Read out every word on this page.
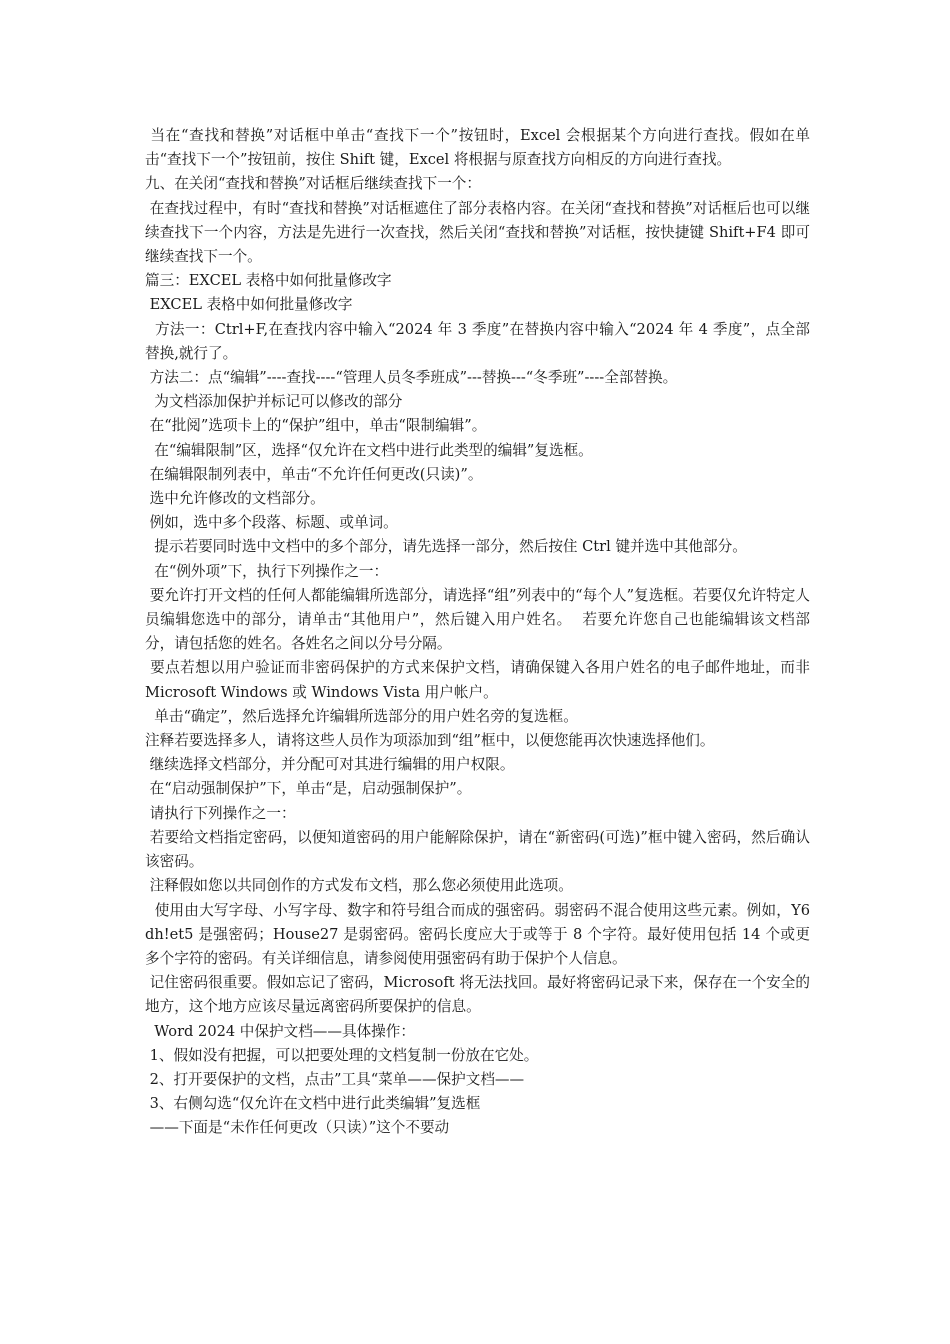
当在“查找和替换”对话框中单击“查找下一个”按钮时，Excel 会根据某个方向进行查找。假如在单击“查找下一个”按钮前，按住 Shift 键，Excel 将根据与原查找方向相反的方向进行查找。

九、在关闭“查找和替换”对话框后继续查找下一个：

在查找过程中，有时“查找和替换”对话框遮住了部分表格内容。在关闭“查找和替换”对话框后也可以继续查找下一个内容，方法是先进行一次查找，然后关闭“查找和替换”对话框，按快捷键 Shift+F4 即可继续查找下一个。

篇三：EXCEL 表格中如何批量修改字

EXCEL 表格中如何批量修改字

方法一：Ctrl+F,在查找内容中输入“2024 年 3 季度”在替换内容中输入“2024 年 4 季度”，点全部替换,就行了。

方法二：点“编辑”----查找----“管理人员冬季班成”---替换---“冬季班”----全部替换。

为文档添加保护并标记可以修改的部分

在“批阅”选项卡上的“保护”组中，单击“限制编辑”。

在“编辑限制”区，选择“仅允许在文档中进行此类型的编辑”复选框。

在编辑限制列表中，单击“不允许任何更改(只读)”。

选中允许修改的文档部分。

例如，选中多个段落、标题、或单词。

提示若要同时选中文档中的多个部分，请先选择一部分，然后按住 Ctrl 键并选中其他部分。

在“例外项”下，执行下列操作之一：

要允许打开文档的任何人都能编辑所选部分，请选择“组”列表中的“每个人”复选框。若要仅允许特定人员编辑您选中的部分，请单击“其他用户”，然后键入用户姓名。  若要允许您自己也能编辑该文档部分，请包括您的姓名。各姓名之间以分号分隔。

要点若想以用户验证而非密码保护的方式来保护文档，请确保键入各用户姓名的电子邮件地址，而非 Microsoft Windows 或 Windows Vista 用户帐户。

单击“确定”，然后选择允许编辑所选部分的用户姓名旁的复选框。

注释若要选择多人，请将这些人员作为项添加到“组”框中，以便您能再次快速选择他们。

继续选择文档部分，并分配可对其进行编辑的用户权限。

在“启动强制保护”下，单击“是，启动强制保护”。

请执行下列操作之一：

若要给文档指定密码，以便知道密码的用户能解除保护，请在“新密码(可选)”框中键入密码，然后确认该密码。

注释假如您以共同创作的方式发布文档，那么您必须使用此选项。

使用由大写字母、小写字母、数字和符号组合而成的强密码。弱密码不混合使用这些元素。例如，Y6dh!et5 是强密码；House27 是弱密码。密码长度应大于或等于 8 个字符。最好使用包括 14 个或更多个字符的密码。有关详细信息，请参阅使用强密码有助于保护个人信息。

记住密码很重要。假如忘记了密码，Microsoft 将无法找回。最好将密码记录下来，保存在一个安全的地方，这个地方应该尽量远离密码所要保护的信息。

Word 2024 中保护文档——具体操作：

1、假如没有把握，可以把要处理的文档复制一份放在它处。

2、打开要保护的文档，点击”工具“菜单——保护文档——

3、右侧勾选“仅允许在文档中进行此类编辑”复选框

——下面是“未作任何更改（只读）”这个不要动
